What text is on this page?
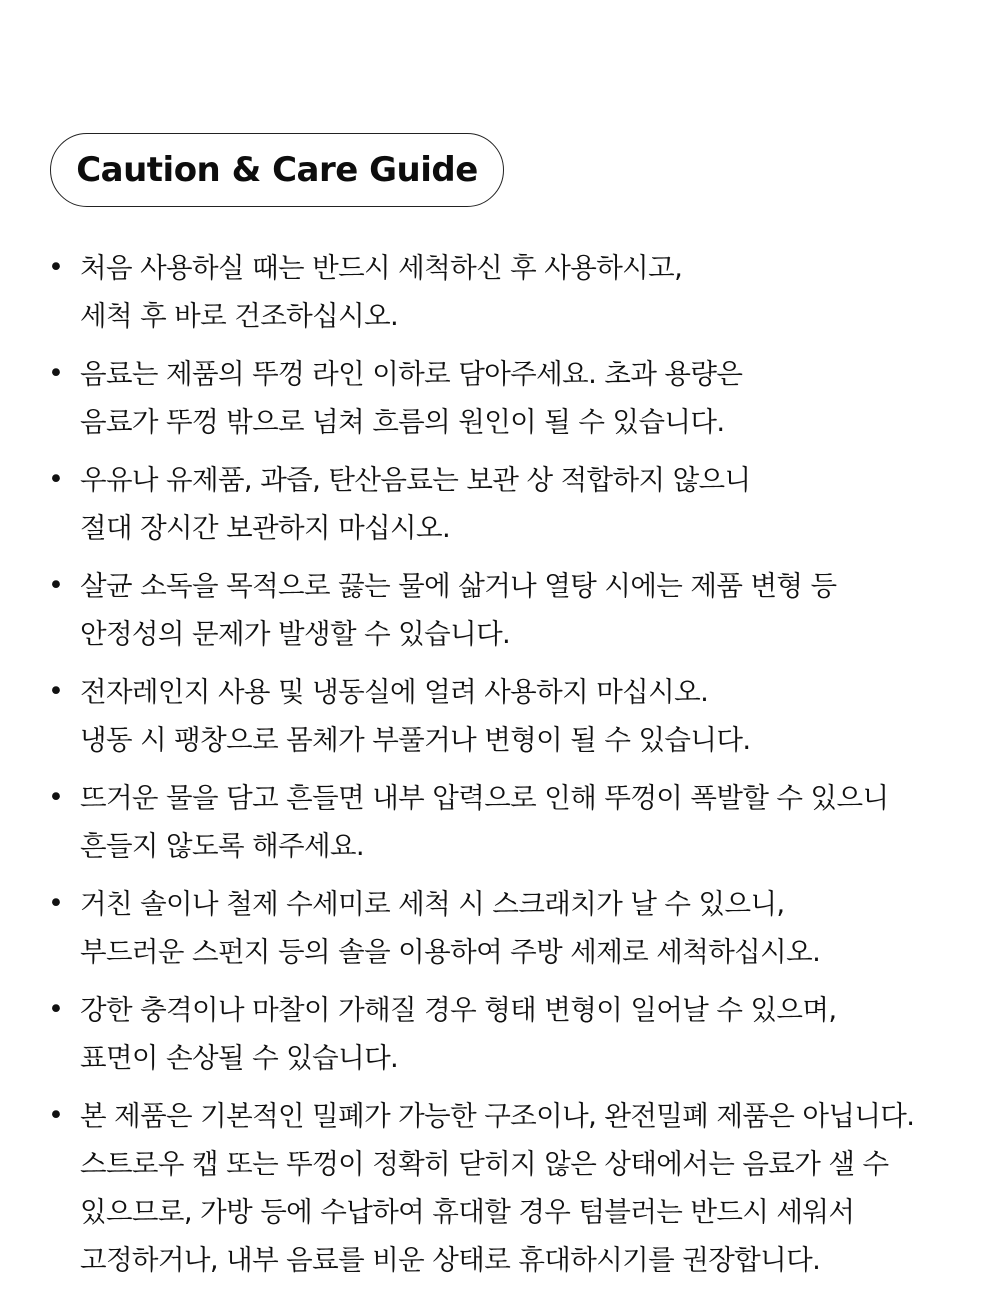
Caution & Care Guide
• 처음 사용하실 때는 반드시 세척하신 후 사용하시고,
세척 후 바로 건조하십시오.
• 음료는 제품의 뚜껑 라인 이하로 담아주세요. 초과 용량은
음료가 뚜껑 밖으로 넘쳐 흐름의 원인이 될 수 있습니다.
• 우유나 유제품, 과즙, 탄산음료는 보관 상 적합하지 않으니
절대 장시간 보관하지 마십시오.
• 살균 소독을 목적으로 끓는 물에 삶거나 열탕 시에는 제품 변형 등
안정성의 문제가 발생할 수 있습니다.
• 전자레인지 사용 및 냉동실에 얼려 사용하지 마십시오.
냉동 시 팽창으로 몸체가 부풀거나 변형이 될 수 있습니다.
• 뜨거운 물을 담고 흔들면 내부 압력으로 인해 뚜껑이 폭발할 수 있으니
흔들지 않도록 해주세요.
• 거친 솔이나 철제 수세미로 세척 시 스크래치가 날 수 있으니,
부드러운 스펀지 등의 솔을 이용하여 주방 세제로 세척하십시오.
• 강한 충격이나 마찰이 가해질 경우 형태 변형이 일어날 수 있으며,
표면이 손상될 수 있습니다.
• 본 제품은 기본적인 밀폐가 가능한 구조이나, 완전밀폐 제품은 아닙니다.
스트로우 캡 또는 뚜껑이 정확히 닫히지 않은 상태에서는 음료가 샐 수
있으므로, 가방 등에 수납하여 휴대할 경우 텀블러는 반드시 세워서
고정하거나, 내부 음료를 비운 상태로 휴대하시기를 권장합니다.
